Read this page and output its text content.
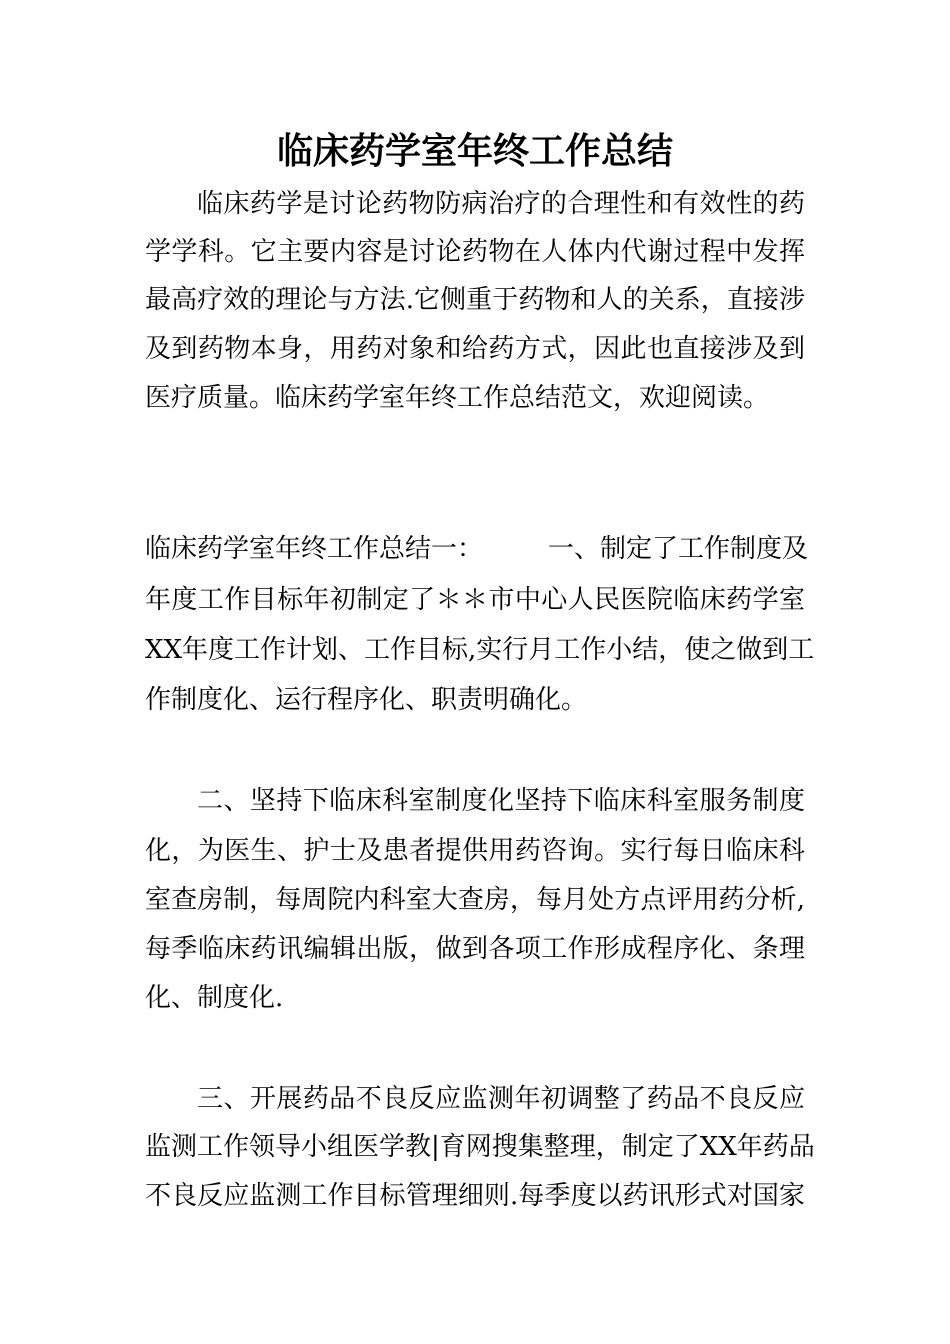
临床药学室年终工作总结

临床药学是讨论药物防病治疗的合理性和有效性的药

学学科。它主要内容是讨论药物在人体内代谢过程中发挥

最高疗效的理论与方法.它侧重于药物和人的关系，直接涉

及到药物本身，用药对象和给药方式，因此也直接涉及到

医疗质量。临床药学室年终工作总结范文，欢迎阅读。

临床药学室年终工作总结一：　　　一、制定了工作制度及

年度工作目标年初制定了＊＊市中心人民医院临床药学室

XX年度工作计划、工作目标,实行月工作小结，使之做到工

作制度化、运行程序化、职责明确化。

二、坚持下临床科室制度化坚持下临床科室服务制度

化，为医生、护士及患者提供用药咨询。实行每日临床科

室查房制，每周院内科室大查房，每月处方点评用药分析,

每季临床药讯编辑出版，做到各项工作形成程序化、条理

化、制度化.

三、开展药品不良反应监测年初调整了药品不良反应

监测工作领导小组医学教|育网搜集整理，制定了XX年药品

不良反应监测工作目标管理细则.每季度以药讯形式对国家
